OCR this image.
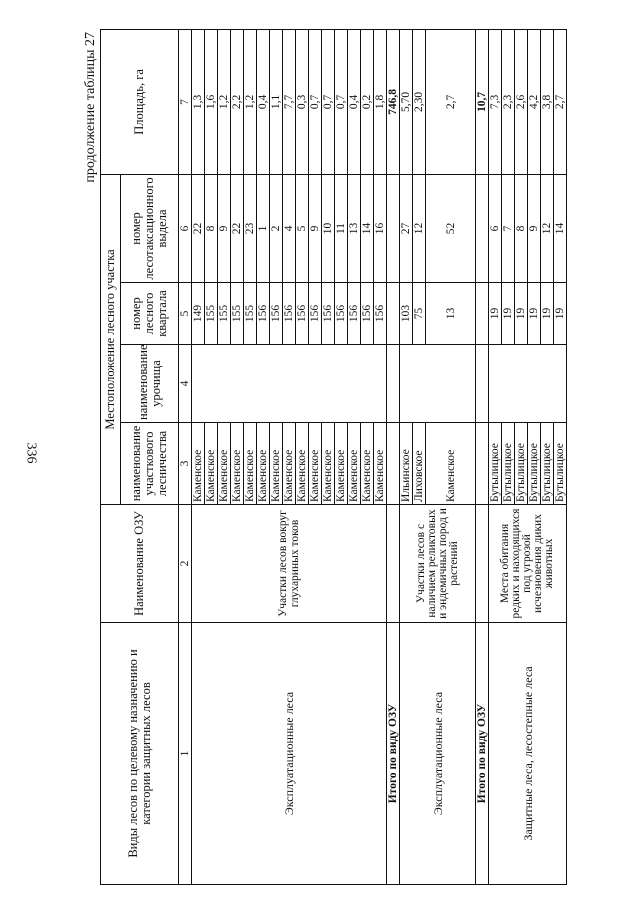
336
продолжение таблицы 27
Виды лесов по целевому назначению и категории защитных лесов	Наименование ОЗУ	Местоположение лесного участка				Площадь, га
		наименование участкового лесничества	наименование урочища	номер лесного квартала	номер лесотаксационного выдела	
1	2	3	4	5	6	7
Эксплуатационные леса	Участки лесов вокруг глухариных токов	Каменское		149	22	1,3
		Каменское		155	8	1,6
		Каменское		155	9	1,2
		Каменское		155	22	2,2
		Каменское		155	23	1,2
		Каменское		156	1	0,4
		Каменское		156	2	1,1
		Каменское		156	4	7,7
		Каменское		156	5	0,3
		Каменское		156	9	0,7
		Каменское		156	10	0,7
		Каменское		156	11	0,7
		Каменское		156	13	0,4
		Каменское		156	14	0,2
		Каменское		156	16	1,8
Итого по виду ОЗУ						746,8
Эксплуатационные леса	Участки лесов с наличием реликтовых и эндемичных пород и растений	Ильинское		103	27	5,70
		Лиховское		75	12	2,30
		Каменское		13	52	2,7
Итого по виду ОЗУ						10,7
Защитные леса, лесостепные леса	Места обитания редких и находящихся под угрозой исчезновения диких животных	Бутылицкое		19	6	7,3
		Бутылицкое		19	7	2,3
		Бутылицкое		19	8	2,6
		Бутылицкое		19	9	4,2
		Бутылицкое		19	12	3,8
		Бутылицкое		19	14	2,7
